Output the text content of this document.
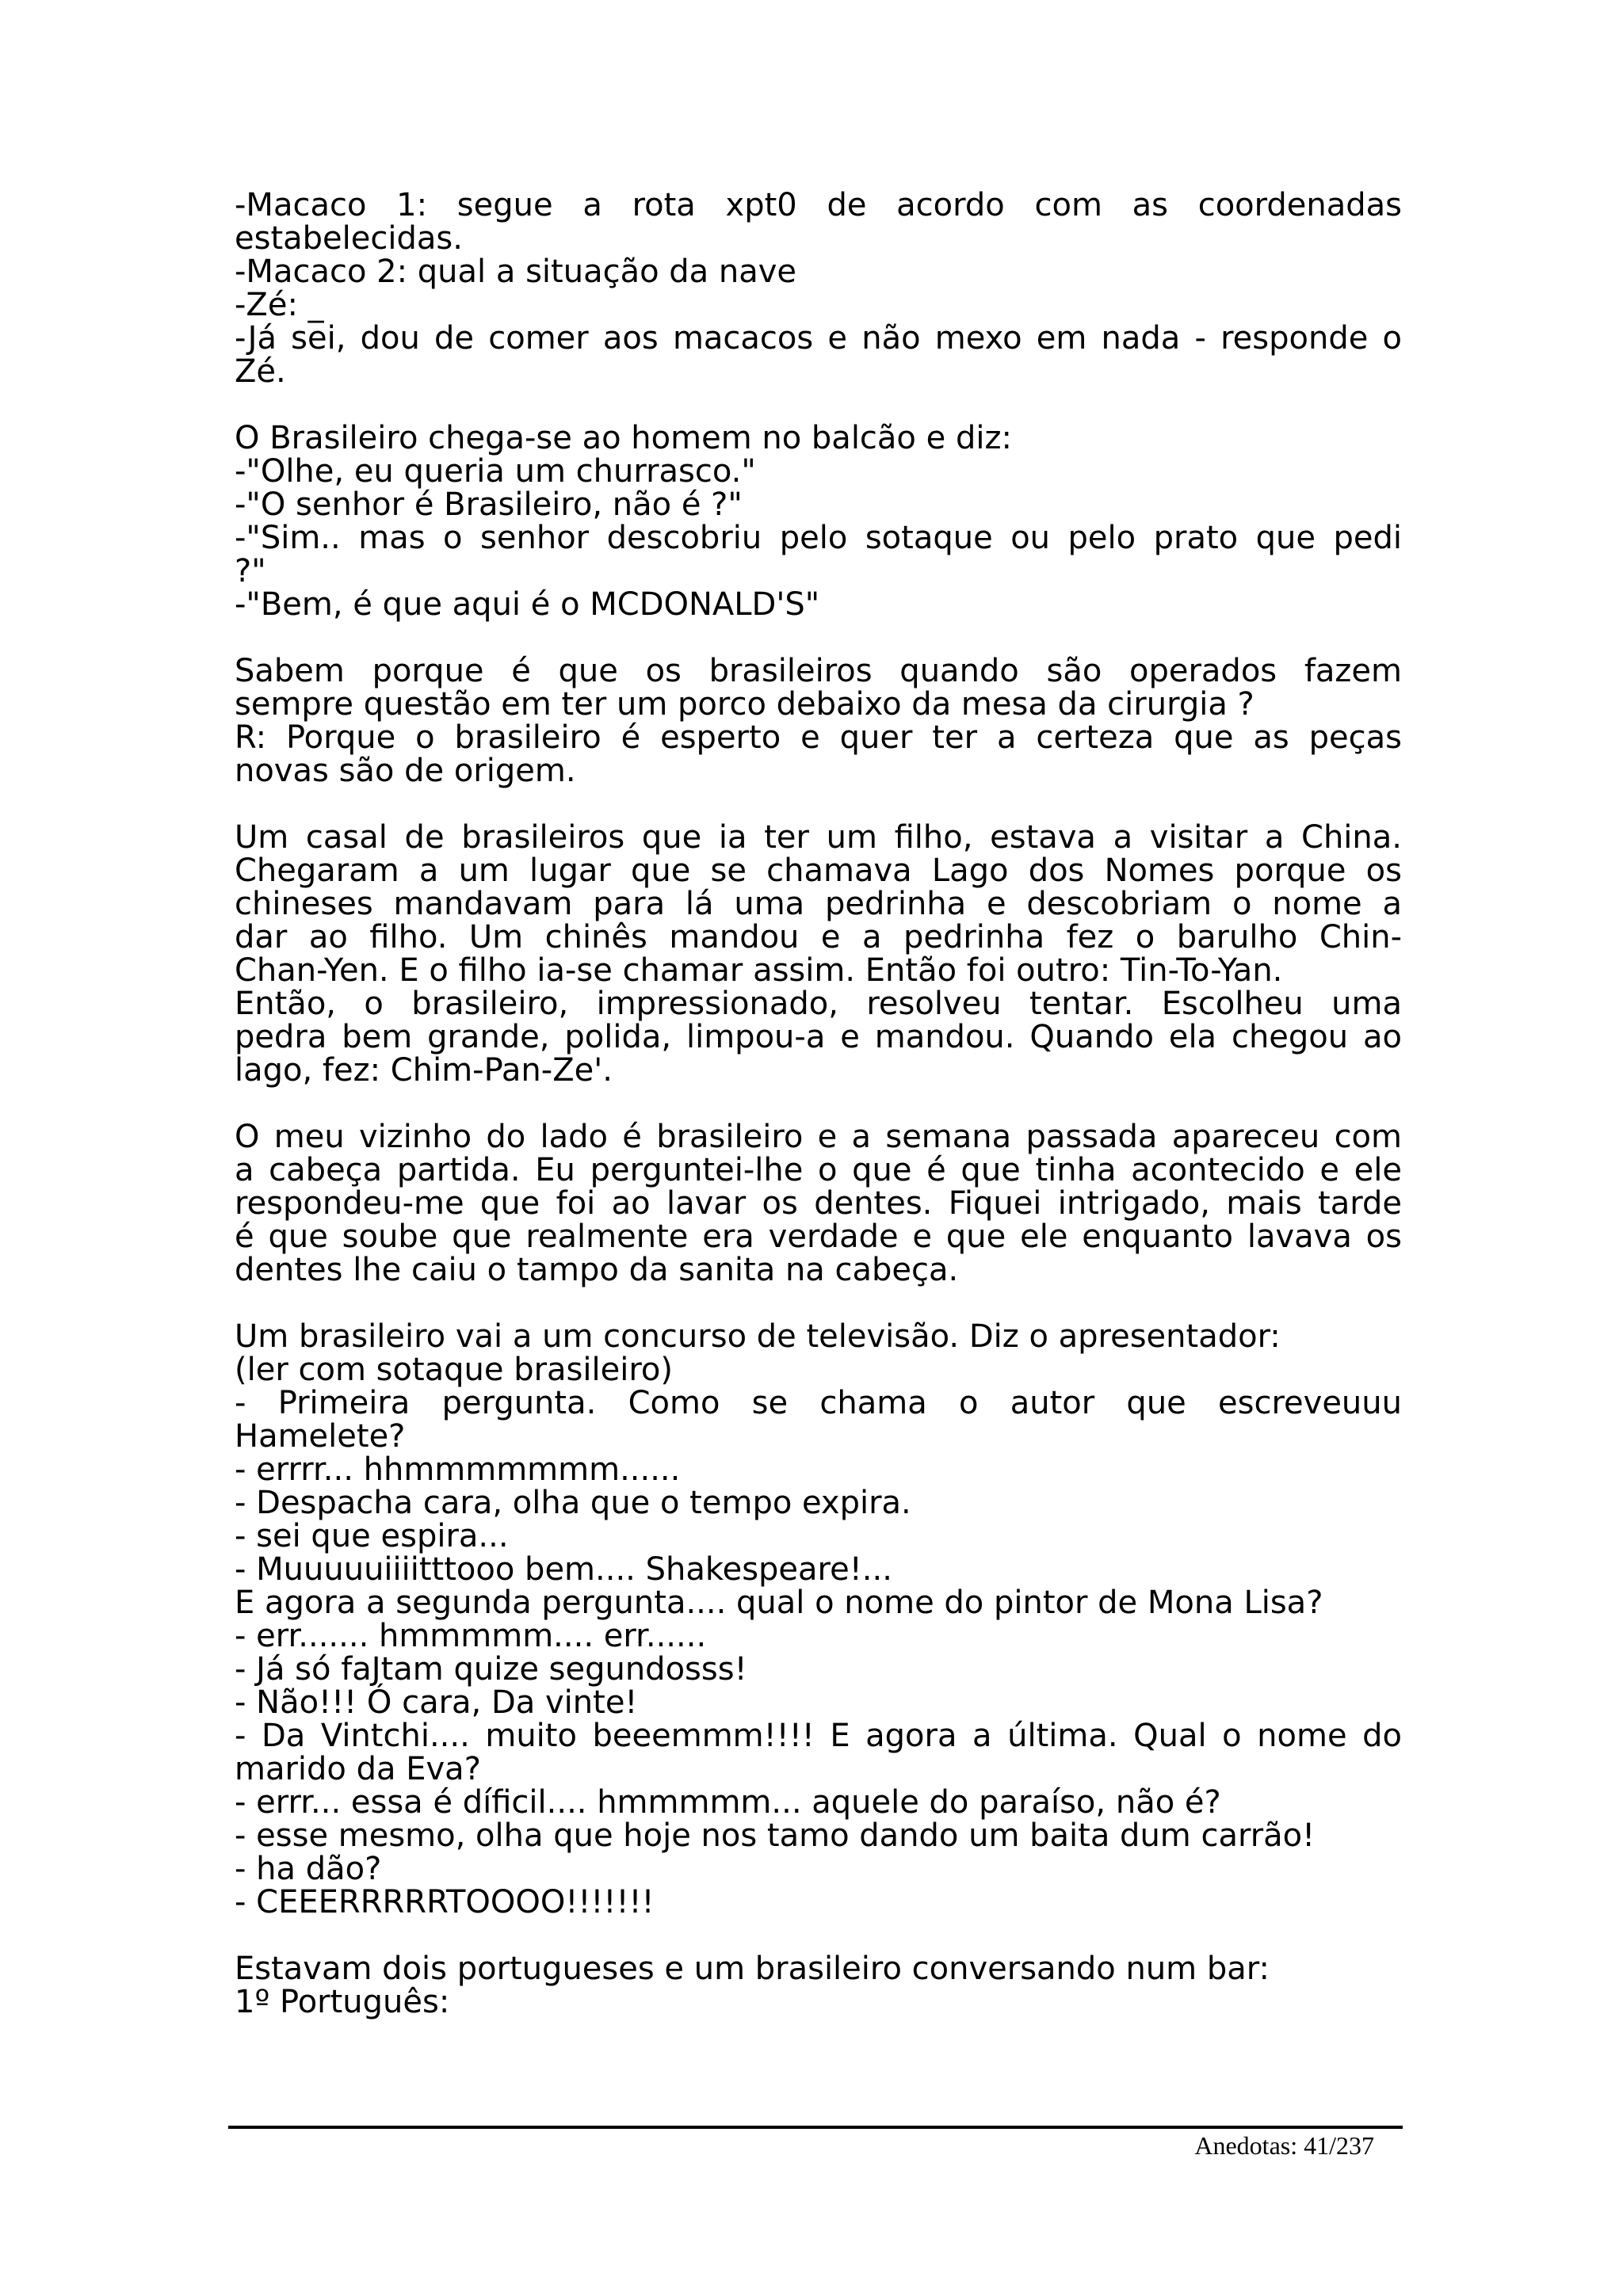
-Macaco 1: segue a rota xpt0 de acordo com as coordenadas
estabelecidas.
-Macaco 2: qual a situação da nave
-Zé: _
-Já sei, dou de comer aos macacos e não mexo em nada - responde o
Zé.
O Brasileiro chega-se ao homem no balcão e diz:
-"Olhe, eu queria um churrasco."
-"O senhor é Brasileiro, não é ?"
-"Sim.. mas o senhor descobriu pelo sotaque ou pelo prato que pedi
?"
-"Bem, é que aqui é o MCDONALD'S"
Sabem porque é que os brasileiros quando são operados fazem
sempre questão em ter um porco debaixo da mesa da cirurgia ?
R: Porque o brasileiro é esperto e quer ter a certeza que as peças
novas são de origem.
Um casal de brasileiros que ia ter um filho, estava a visitar a China.
Chegaram a um lugar que se chamava Lago dos Nomes porque os
chineses mandavam para lá uma pedrinha e descobriam o nome a
dar ao filho. Um chinês mandou e a pedrinha fez o barulho Chin-
Chan-Yen. E o filho ia-se chamar assim. Então foi outro: Tin-To-Yan.
Então, o brasileiro, impressionado, resolveu tentar. Escolheu uma
pedra bem grande, polida, limpou-a e mandou. Quando ela chegou ao
lago, fez: Chim-Pan-Ze'.
O meu vizinho do lado é brasileiro e a semana passada apareceu com
a cabeça partida. Eu perguntei-lhe o que é que tinha acontecido e ele
respondeu-me que foi ao lavar os dentes. Fiquei intrigado, mais tarde
é que soube que realmente era verdade e que ele enquanto lavava os
dentes lhe caiu o tampo da sanita na cabeça.
Um brasileiro vai a um concurso de televisão. Diz o apresentador:
(ler com sotaque brasileiro)
- Primeira pergunta. Como se chama o autor que escreveuuu
Hamelete?
- errrr... hhmmmmmmm......
- Despacha cara, olha que o tempo expira.
- sei que espira...
- Muuuuuiiiitttooo bem.... Shakespeare!...
E agora a segunda pergunta.... qual o nome do pintor de Mona Lisa?
- err....... hmmmmm.... err......
- Já só faJtam quize segundosss!
- Não!!! Ó cara, Da vinte!
- Da Vintchi.... muito beeemmm!!!! E agora a última. Qual o nome do
marido da Eva?
- errr... essa é díficil.... hmmmmm... aquele do paraíso, não é?
- esse mesmo, olha que hoje nos tamo dando um baita dum carrão!
- ha dão?
- CEEERRRRRTOOOO!!!!!!!
Estavam dois portugueses e um brasileiro conversando num bar:
1º Português:
Anedotas: 41/237
